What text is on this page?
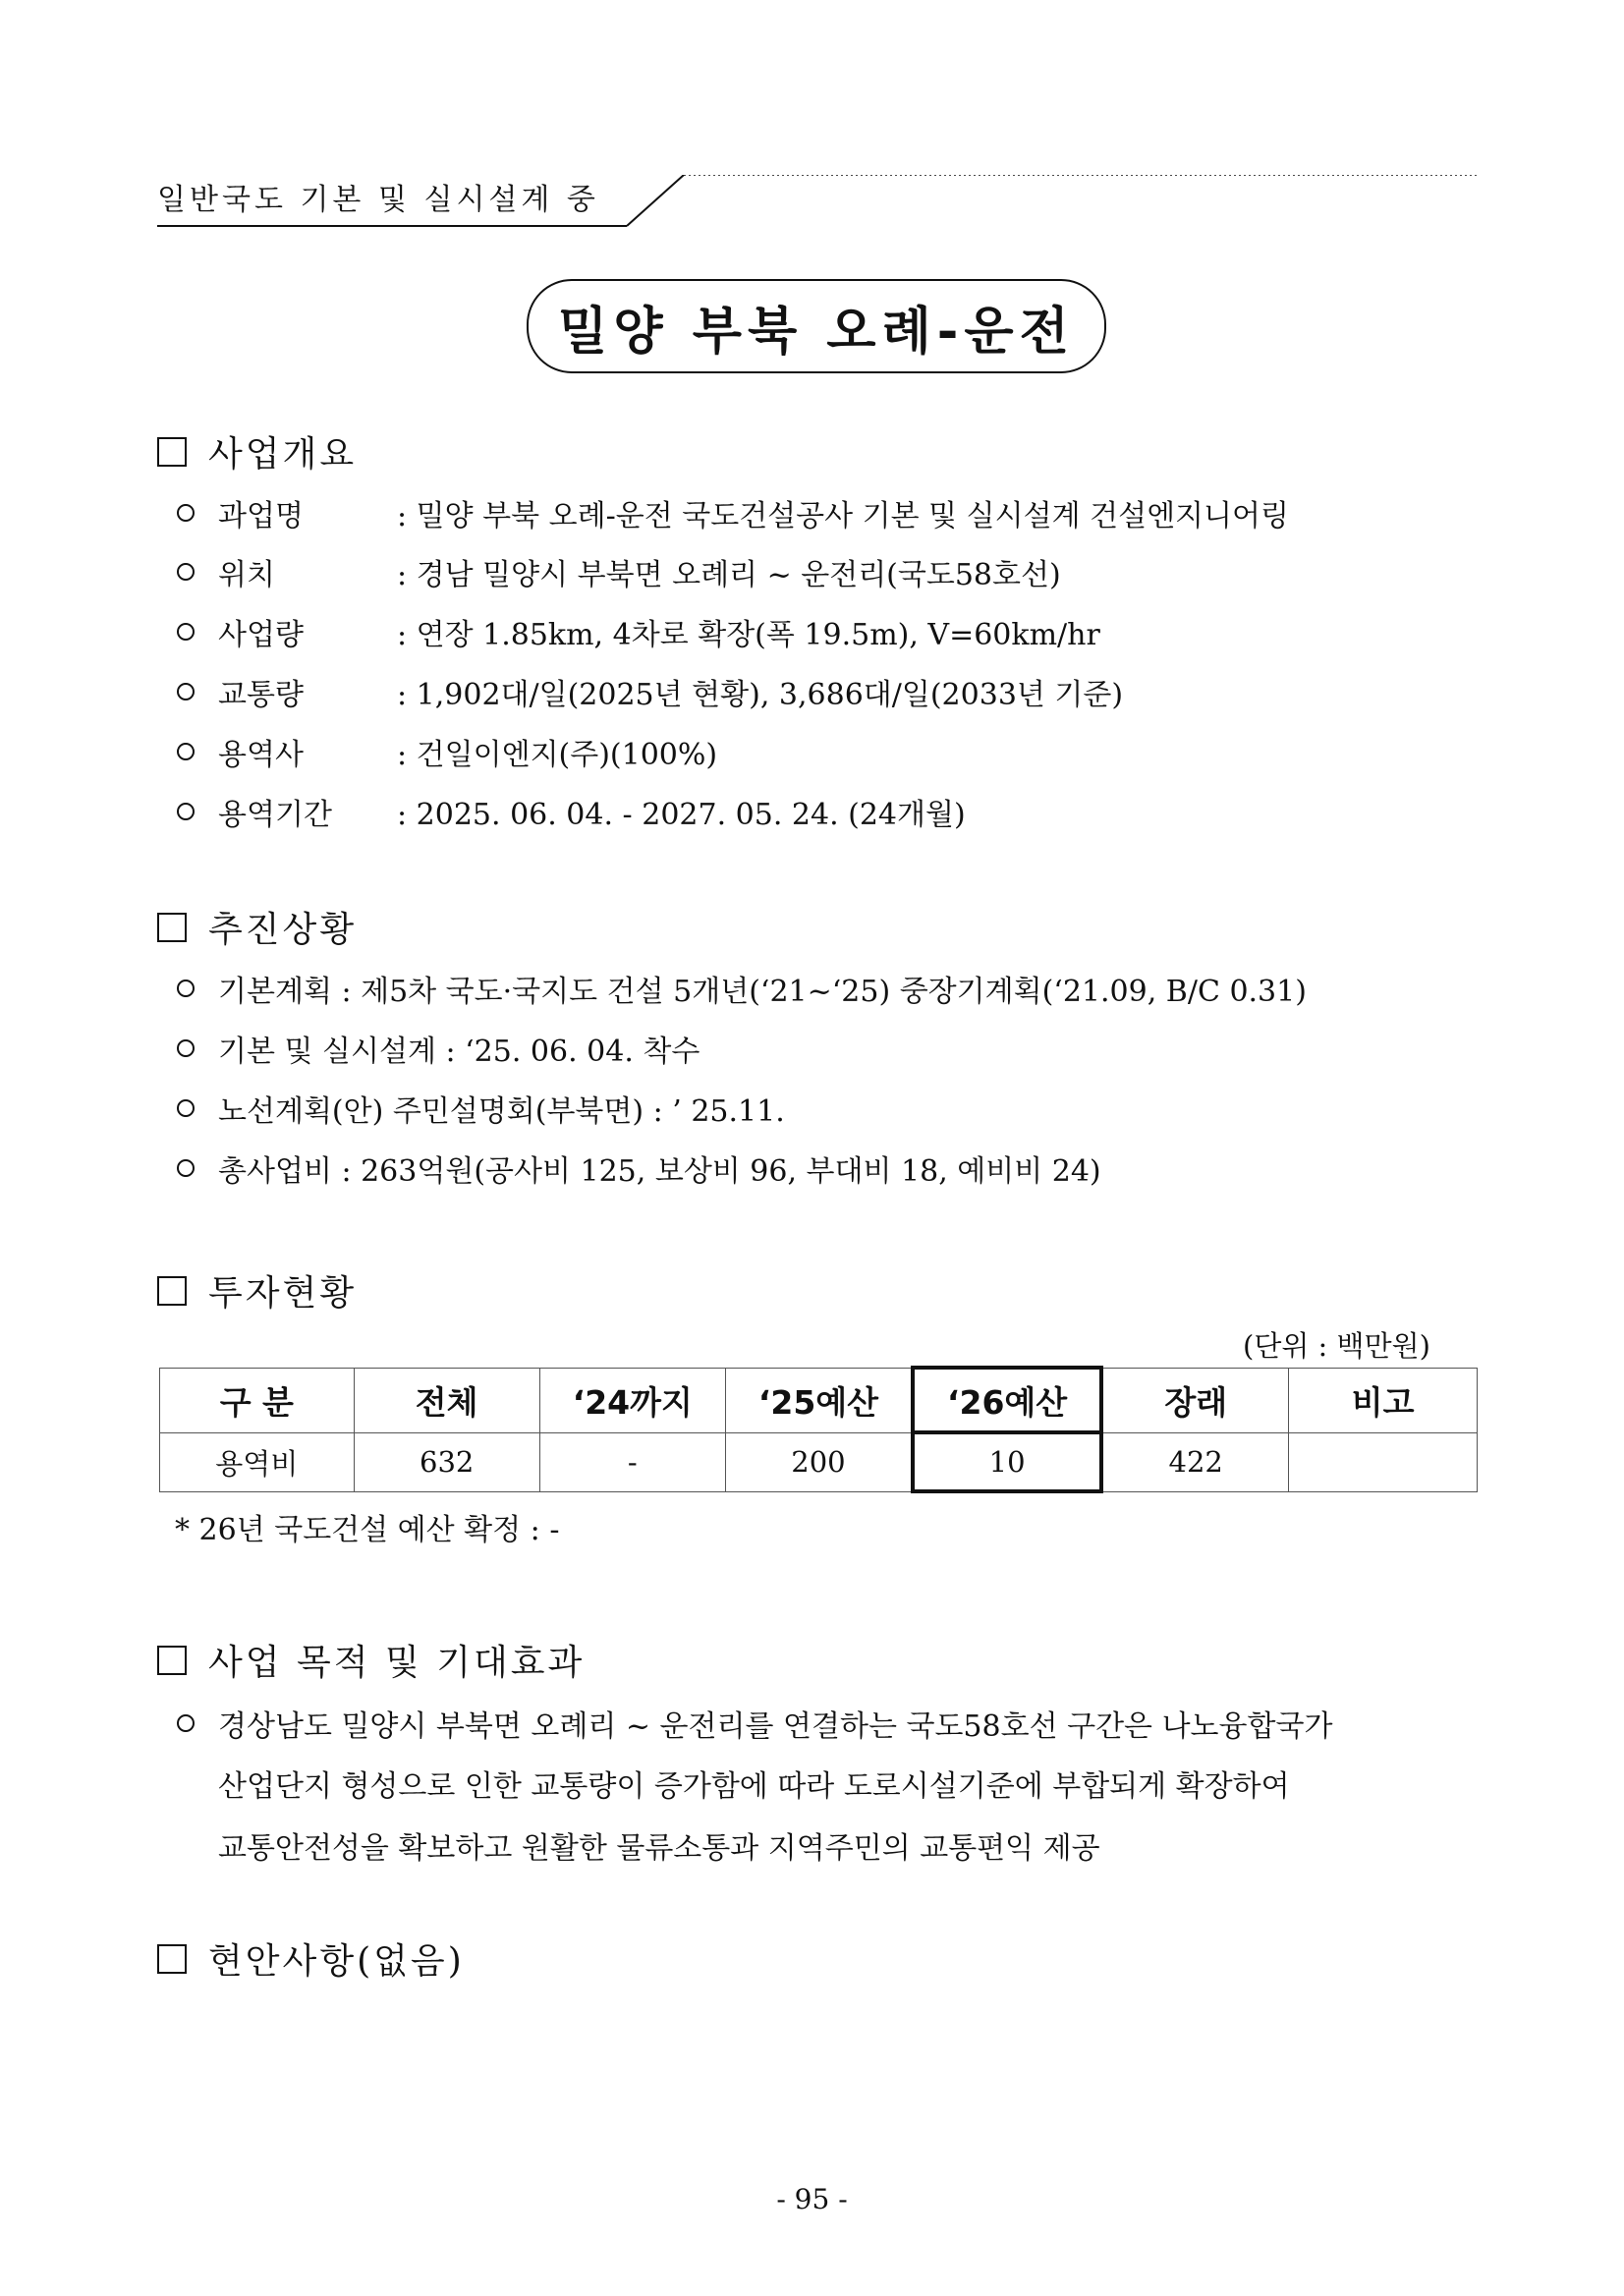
일반국도 기본 및 실시설계 중
밀양 부북 오례-운전
사업개요
과업명	: 밀양 부북 오례-운전 국도건설공사 기본 및 실시설계 건설엔지니어링
위치	: 경남 밀양시 부북면 오례리 ~ 운전리(국도58호선)
사업량	: 연장 1.85km, 4차로 확장(폭 19.5m), V=60km/hr
교통량	: 1,902대/일(2025년 현황), 3,686대/일(2033년 기준)
용역사	: 건일이엔지(주)(100%)
용역기간	: 2025. 06. 04. - 2027. 05. 24. (24개월)
추진상황
기본계획 : 제5차 국도·국지도 건설 5개년(‘21~‘25) 중장기계획(‘21.09, B/C 0.31)
기본 및 실시설계 : ‘25. 06. 04. 착수
노선계획(안) 주민설명회(부북면) : ’ 25.11.
총사업비 : 263억원(공사비 125, 보상비 96, 부대비 18, 예비비 24)
투자현황
(단위 : 백만원)
구 분	전체	‘24까지	‘25예산	‘26예산	장래	비고
용역비	632	-	200	10	422	
* 26년 국도건설 예산 확정 : -
사업 목적 및 기대효과
경상남도 밀양시 부북면 오례리 ~ 운전리를 연결하는 국도58호선 구간은 나노융합국가
산업단지 형성으로 인한 교통량이 증가함에 따라 도로시설기준에 부합되게 확장하여
교통안전성을 확보하고 원활한 물류소통과 지역주민의 교통편익 제공
현안사항(없음)
- 95 -
